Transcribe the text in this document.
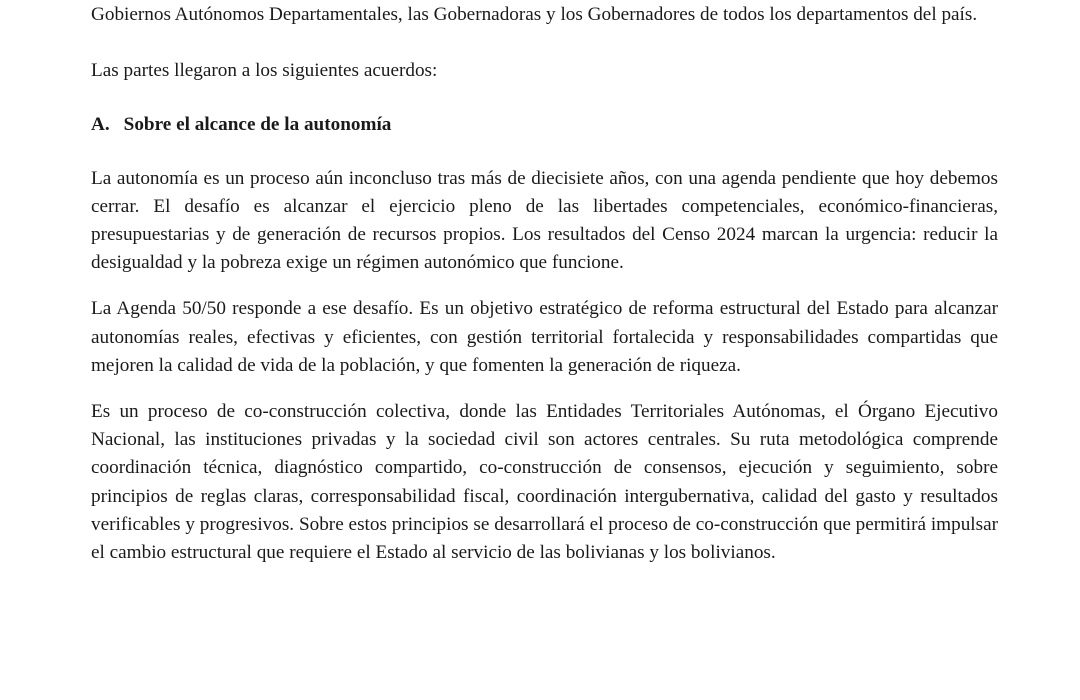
Gobiernos Autónomos Departamentales, las Gobernadoras y los Gobernadores de todos los departamentos del país.

Las partes llegaron a los siguientes acuerdos:

A. Sobre el alcance de la autonomía

La autonomía es un proceso aún inconcluso tras más de diecisiete años, con una agenda pendiente que hoy debemos cerrar. El desafío es alcanzar el ejercicio pleno de las libertades competenciales, económico-financieras, presupuestarias y de generación de recursos propios. Los resultados del Censo 2024 marcan la urgencia: reducir la desigualdad y la pobreza exige un régimen autonómico que funcione.

La Agenda 50/50 responde a ese desafío. Es un objetivo estratégico de reforma estructural del Estado para alcanzar autonomías reales, efectivas y eficientes, con gestión territorial fortalecida y responsabilidades compartidas que mejoren la calidad de vida de la población, y que fomenten la generación de riqueza.

Es un proceso de co-construcción colectiva, donde las Entidades Territoriales Autónomas, el Órgano Ejecutivo Nacional, las instituciones privadas y la sociedad civil son actores centrales. Su ruta metodológica comprende coordinación técnica, diagnóstico compartido, co-construcción de consensos, ejecución y seguimiento, sobre principios de reglas claras, corresponsabilidad fiscal, coordinación intergubernativa, calidad del gasto y resultados verificables y progresivos. Sobre estos principios se desarrollará el proceso de co-construcción que permitirá impulsar el cambio estructural que requiere el Estado al servicio de las bolivianas y los bolivianos.
